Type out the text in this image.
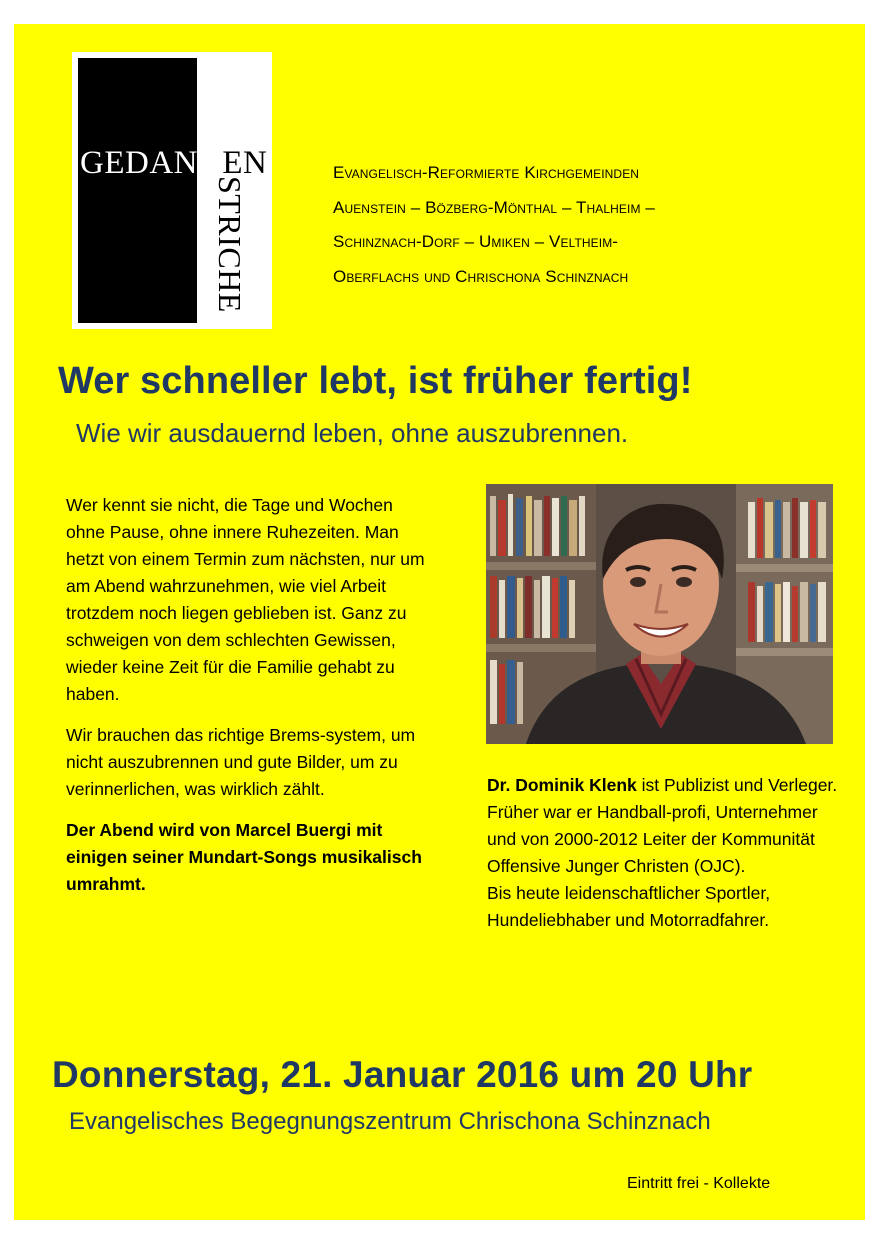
GEDANKEN
STRICHE
Evangelisch-Reformierte Kirchgemeinden
Auenstein – Bözberg-Mönthal – Thalheim –
Schinznach-Dorf – Umiken – Veltheim-
Oberflachs und Chrischona Schinznach
Wer schneller lebt, ist früher fertig!
Wie wir ausdauernd leben, ohne auszubrennen.

Wer kennt sie nicht, die Tage und Wochen ohne Pause, ohne innere Ruhezeiten. Man hetzt von einem Termin zum nächsten, nur um am Abend wahrzunehmen, wie viel Arbeit trotzdem noch liegen geblieben ist. Ganz zu schweigen von dem schlechten Gewissen, wieder keine Zeit für die Familie gehabt zu haben.

Wir brauchen das richtige Brems-system, um nicht auszubrennen und gute Bilder, um zu verinnerlichen, was wirklich zählt.

Der Abend wird von Marcel Buergi mit einigen seiner Mundart-Songs musikalisch umrahmt.

Dr. Dominik Klenk ist Publizist und Verleger. Früher war er Handball-profi, Unternehmer und von 2000-2012 Leiter der Kommunität Offensive Junger Christen (OJC).
Bis heute leidenschaftlicher Sportler, Hundeliebhaber und Motorradfahrer.
Donnerstag, 21. Januar 2016 um 20 Uhr
Evangelisches Begegnungszentrum Chrischona Schinznach
Eintritt frei - Kollekte
